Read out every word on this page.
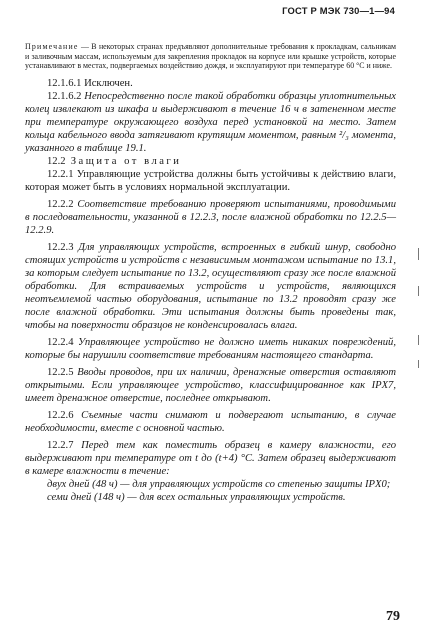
ГОСТ Р МЭК 730—1—94
Примечание — В некоторых странах предъявляют дополнительные требования к прокладкам, сальникам и заливочным массам, используемым для закрепления прокладок на корпусе или крышке устройств, которые устанавливают в местах, подвергаемых воздействию дождя, и эксплуатируют при температуре 60 °С и ниже.

12.1.6.1 Исключен.

12.1.6.2 Непосредственно после такой обработки образцы уплотнительных колец извлекают из шкафа и выдерживают в течение 16 ч в затененном месте при температуре окружающего воздуха перед установкой на место. Затем кольца кабельного ввода затягивают крутящим моментом, равным ²/₃ момента, указанного в таблице 19.1.

12.2 Защита от влаги

12.2.1 Управляющие устройства должны быть устойчивы к действию влаги, которая может быть в условиях нормальной эксплуатации.

12.2.2 Соответствие требованию проверяют испытаниями, проводимыми в последовательности, указанной в 12.2.3, после влажной обработки по 12.2.5—12.2.9.

12.2.3 Для управляющих устройств, встроенных в гибкий шнур, свободно стоящих устройств и устройств с независимым монтажом испытание по 13.1, за которым следует испытание по 13.2, осуществляют сразу же после влажной обработки. Для встраиваемых устройств и устройств, являющихся неотъемлемой частью оборудования, испытание по 13.2 проводят сразу же после влажной обработки. Эти испытания должны быть проведены так, чтобы на поверхности образцов не конденсировалась влага.

12.2.4 Управляющее устройство не должно иметь никаких повреждений, которые бы нарушили соответствие требованиям настоящего стандарта.

12.2.5 Вводы проводов, при их наличии, дренажные отверстия оставляют открытыми. Если управляющее устройство, классифицированное как IPX7, имеет дренажное отверстие, последнее открывают.

12.2.6 Съемные части снимают и подвергают испытанию, в случае необходимости, вместе с основной частью.

12.2.7 Перед тем как поместить образец в камеру влажности, его выдерживают при температуре от t до (t+4) °С. Затем образец выдерживают в камере влажности в течение:

двух дней (48 ч) — для управляющих устройств со степенью защиты IPX0;

семи дней (148 ч) — для всех остальных управляющих устройств.

79
